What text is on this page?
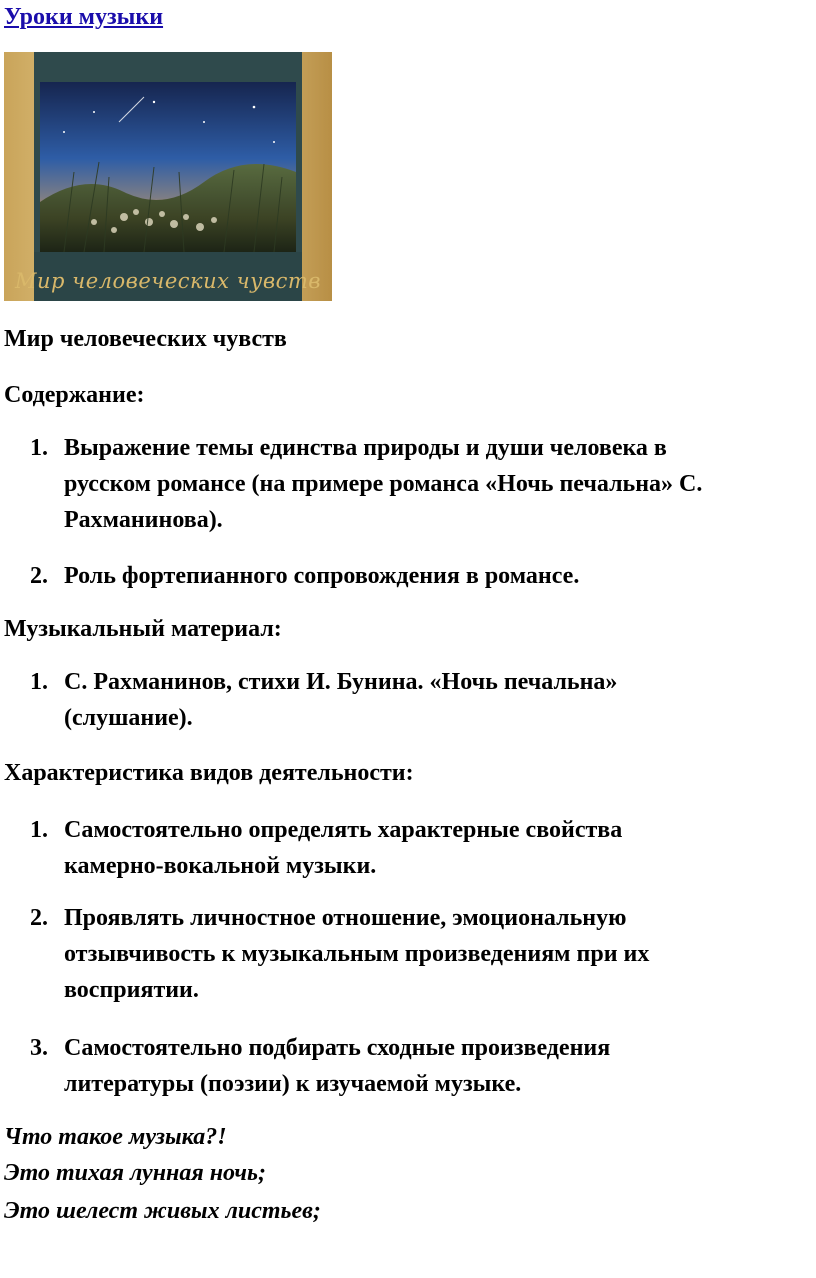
Уроки музыки
Мир человеческих чувств
Мир человеческих чувств
Содержание:
1. Выражение темы единства природы и души человека в
русском романсе (на примере романса «Ночь печальна» С.
Рахманинова).
2. Роль фортепианного сопровождения в романсе.
Музыкальный материал:
1. С. Рахманинов, стихи И. Бунина. «Ночь печальна»
(слушание).
Характеристика видов деятельности:
1. Самостоятельно определять характерные свойства
камерно-вокальной музыки.
2. Проявлять личностное отношение, эмоциональную
отзывчивость к музыкальным произведениям при их
восприятии.
3. Самостоятельно подбирать сходные произведения
литературы (поэзии) к изучаемой музыке.
Что такое музыка?!
Это тихая лунная ночь;
Это шелест живых листьев;
